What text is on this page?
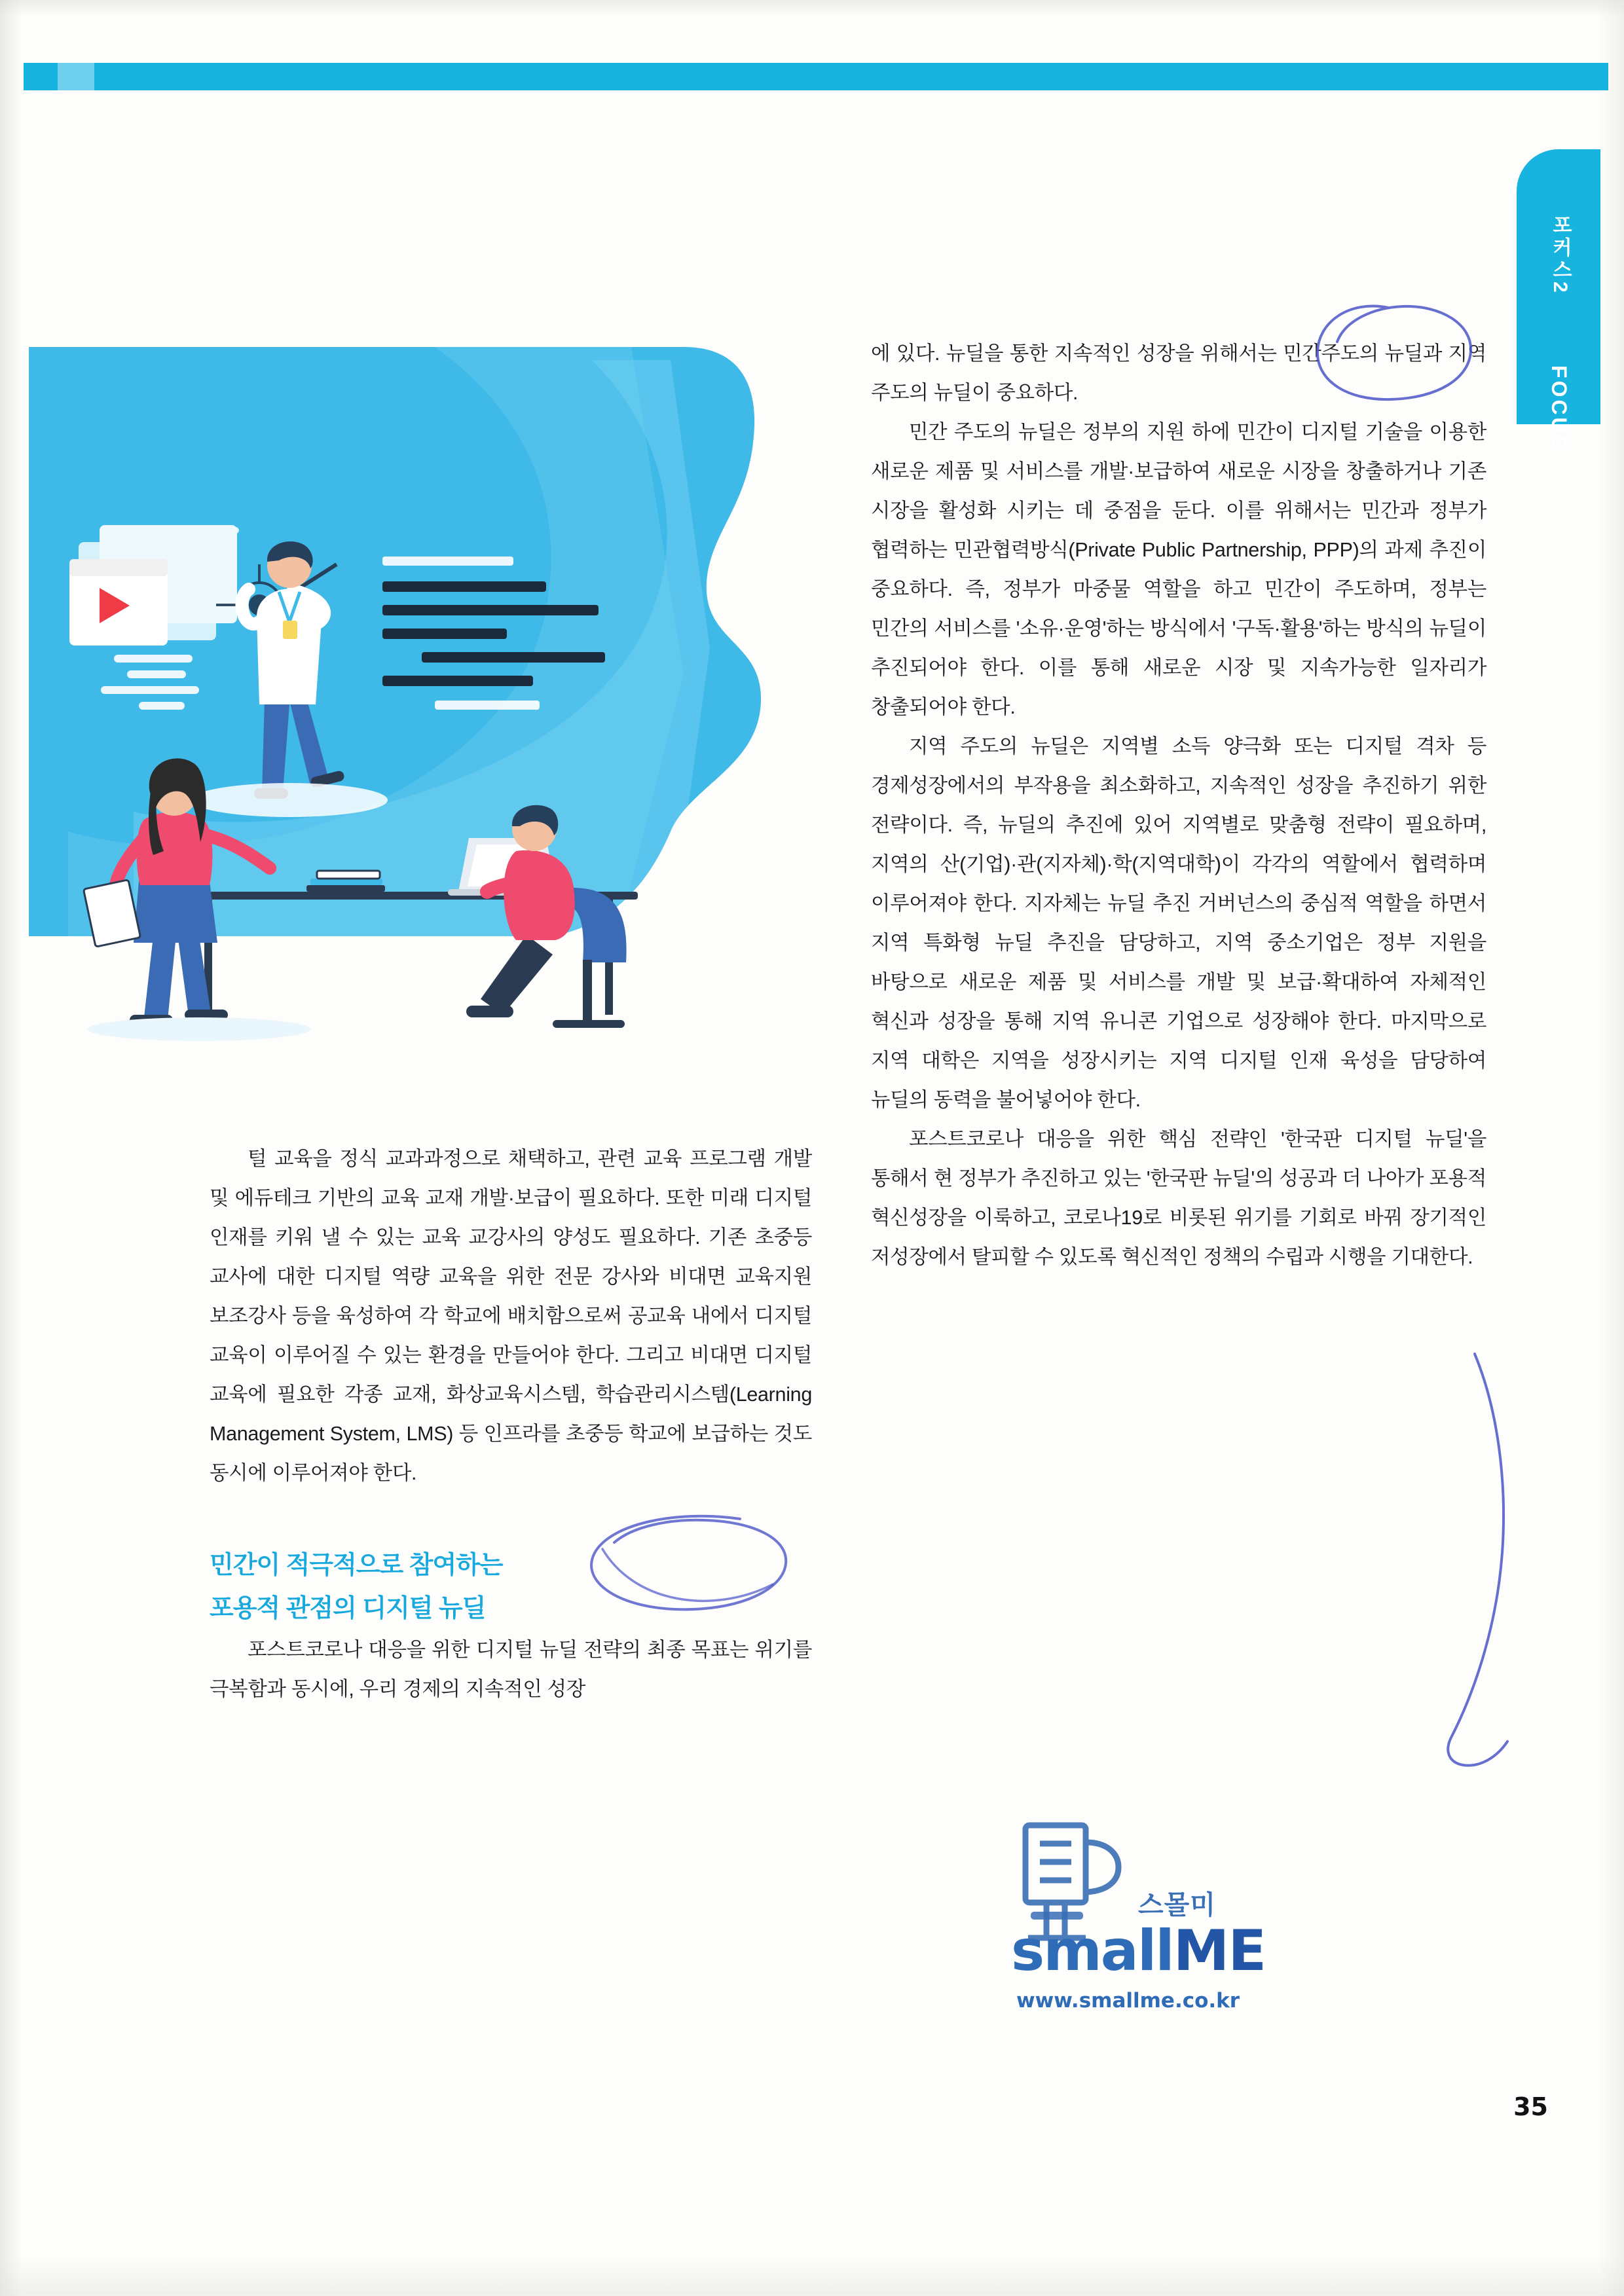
포커스2
FOCUS

털 교육을 정식 교과과정으로 채택하고, 관련 교육 프로그램 개발 및 에듀테크 기반의 교육 교재 개발·보급이 필요하다. 또한 미래 디지털 인재를 키워 낼 수 있는 교육 교강사의 양성도 필요하다. 기존 초중등 교사에 대한 디지털 역량 교육을 위한 전문 강사와 비대면 교육지원 보조강사 등을 육성하여 각 학교에 배치함으로써 공교육 내에서 디지털 교육이 이루어질 수 있는 환경을 만들어야 한다. 그리고 비대면 디지털 교육에 필요한 각종 교재, 화상교육시스템, 학습관리시스템(Learning Management System, LMS) 등 인프라를 초중등 학교에 보급하는 것도 동시에 이루어져야 한다.

민간이 적극적으로 참여하는
포용적 관점의 디지털 뉴딜

포스트코로나 대응을 위한 디지털 뉴딜 전략의 최종 목표는 위기를 극복함과 동시에, 우리 경제의 지속적인 성장

에 있다. 뉴딜을 통한 지속적인 성장을 위해서는 민간주도의 뉴딜과 지역 주도의 뉴딜이 중요하다.

민간 주도의 뉴딜은 정부의 지원 하에 민간이 디지털 기술을 이용한 새로운 제품 및 서비스를 개발·보급하여 새로운 시장을 창출하거나 기존 시장을 활성화 시키는 데 중점을 둔다. 이를 위해서는 민간과 정부가 협력하는 민관협력방식(Private Public Partnership, PPP)의 과제 추진이 중요하다. 즉, 정부가 마중물 역할을 하고 민간이 주도하며, 정부는 민간의 서비스를 '소유·운영'하는 방식에서 '구독·활용'하는 방식의 뉴딜이 추진되어야 한다. 이를 통해 새로운 시장 및 지속가능한 일자리가 창출되어야 한다.

지역 주도의 뉴딜은 지역별 소득 양극화 또는 디지털 격차 등 경제성장에서의 부작용을 최소화하고, 지속적인 성장을 추진하기 위한 전략이다. 즉, 뉴딜의 추진에 있어 지역별로 맞춤형 전략이 필요하며, 지역의 산(기업)·관(지자체)·학(지역대학)이 각각의 역할에서 협력하며 이루어져야 한다. 지자체는 뉴딜 추진 거버넌스의 중심적 역할을 하면서 지역 특화형 뉴딜 추진을 담당하고, 지역 중소기업은 정부 지원을 바탕으로 새로운 제품 및 서비스를 개발 및 보급·확대하여 자체적인 혁신과 성장을 통해 지역 유니콘 기업으로 성장해야 한다. 마지막으로 지역 대학은 지역을 성장시키는 지역 디지털 인재 육성을 담당하여 뉴딜의 동력을 불어넣어야 한다.

포스트코로나 대응을 위한 핵심 전략인 '한국판 디지털 뉴딜'을 통해서 현 정부가 추진하고 있는 '한국판 뉴딜'의 성공과 더 나아가 포용적 혁신성장을 이룩하고, 코로나19로 비롯된 위기를 기회로 바꿔 장기적인 저성장에서 탈피할 수 있도록 혁신적인 정책의 수립과 시행을 기대한다.

스몰미
smallME
www.smallme.co.kr
35
